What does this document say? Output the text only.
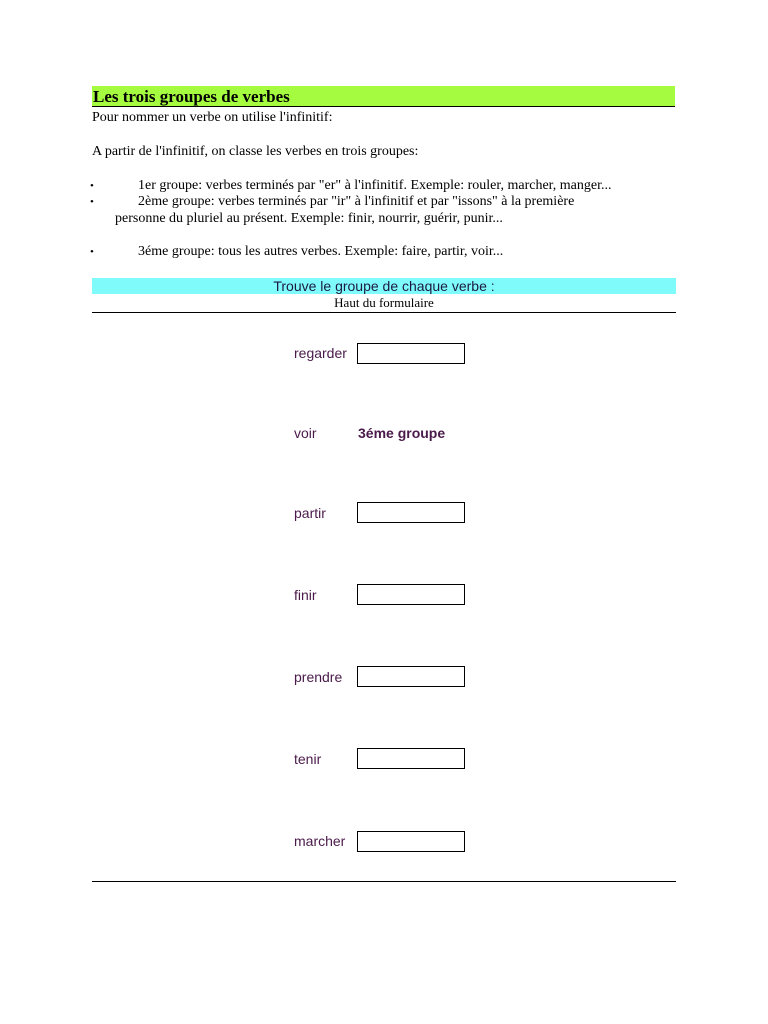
Les trois groupes de verbes
Pour nommer un verbe on utilise l'infinitif:
A partir de l'infinitif, on classe les verbes en trois groupes:
•	1er groupe: verbes terminés par "er" à l'infinitif. Exemple: rouler, marcher, manger...
•	2ème groupe: verbes terminés par "ir" à l'infinitif et par "issons" à la première
personne du pluriel au présent. Exemple: finir, nourrir, guérir, punir...
•	3éme groupe: tous les autres verbes. Exemple: faire, partir, voir...
Trouve le groupe de chaque verbe :
Haut du formulaire
regarder
voir	3éme groupe
partir
finir
prendre
tenir
marcher
